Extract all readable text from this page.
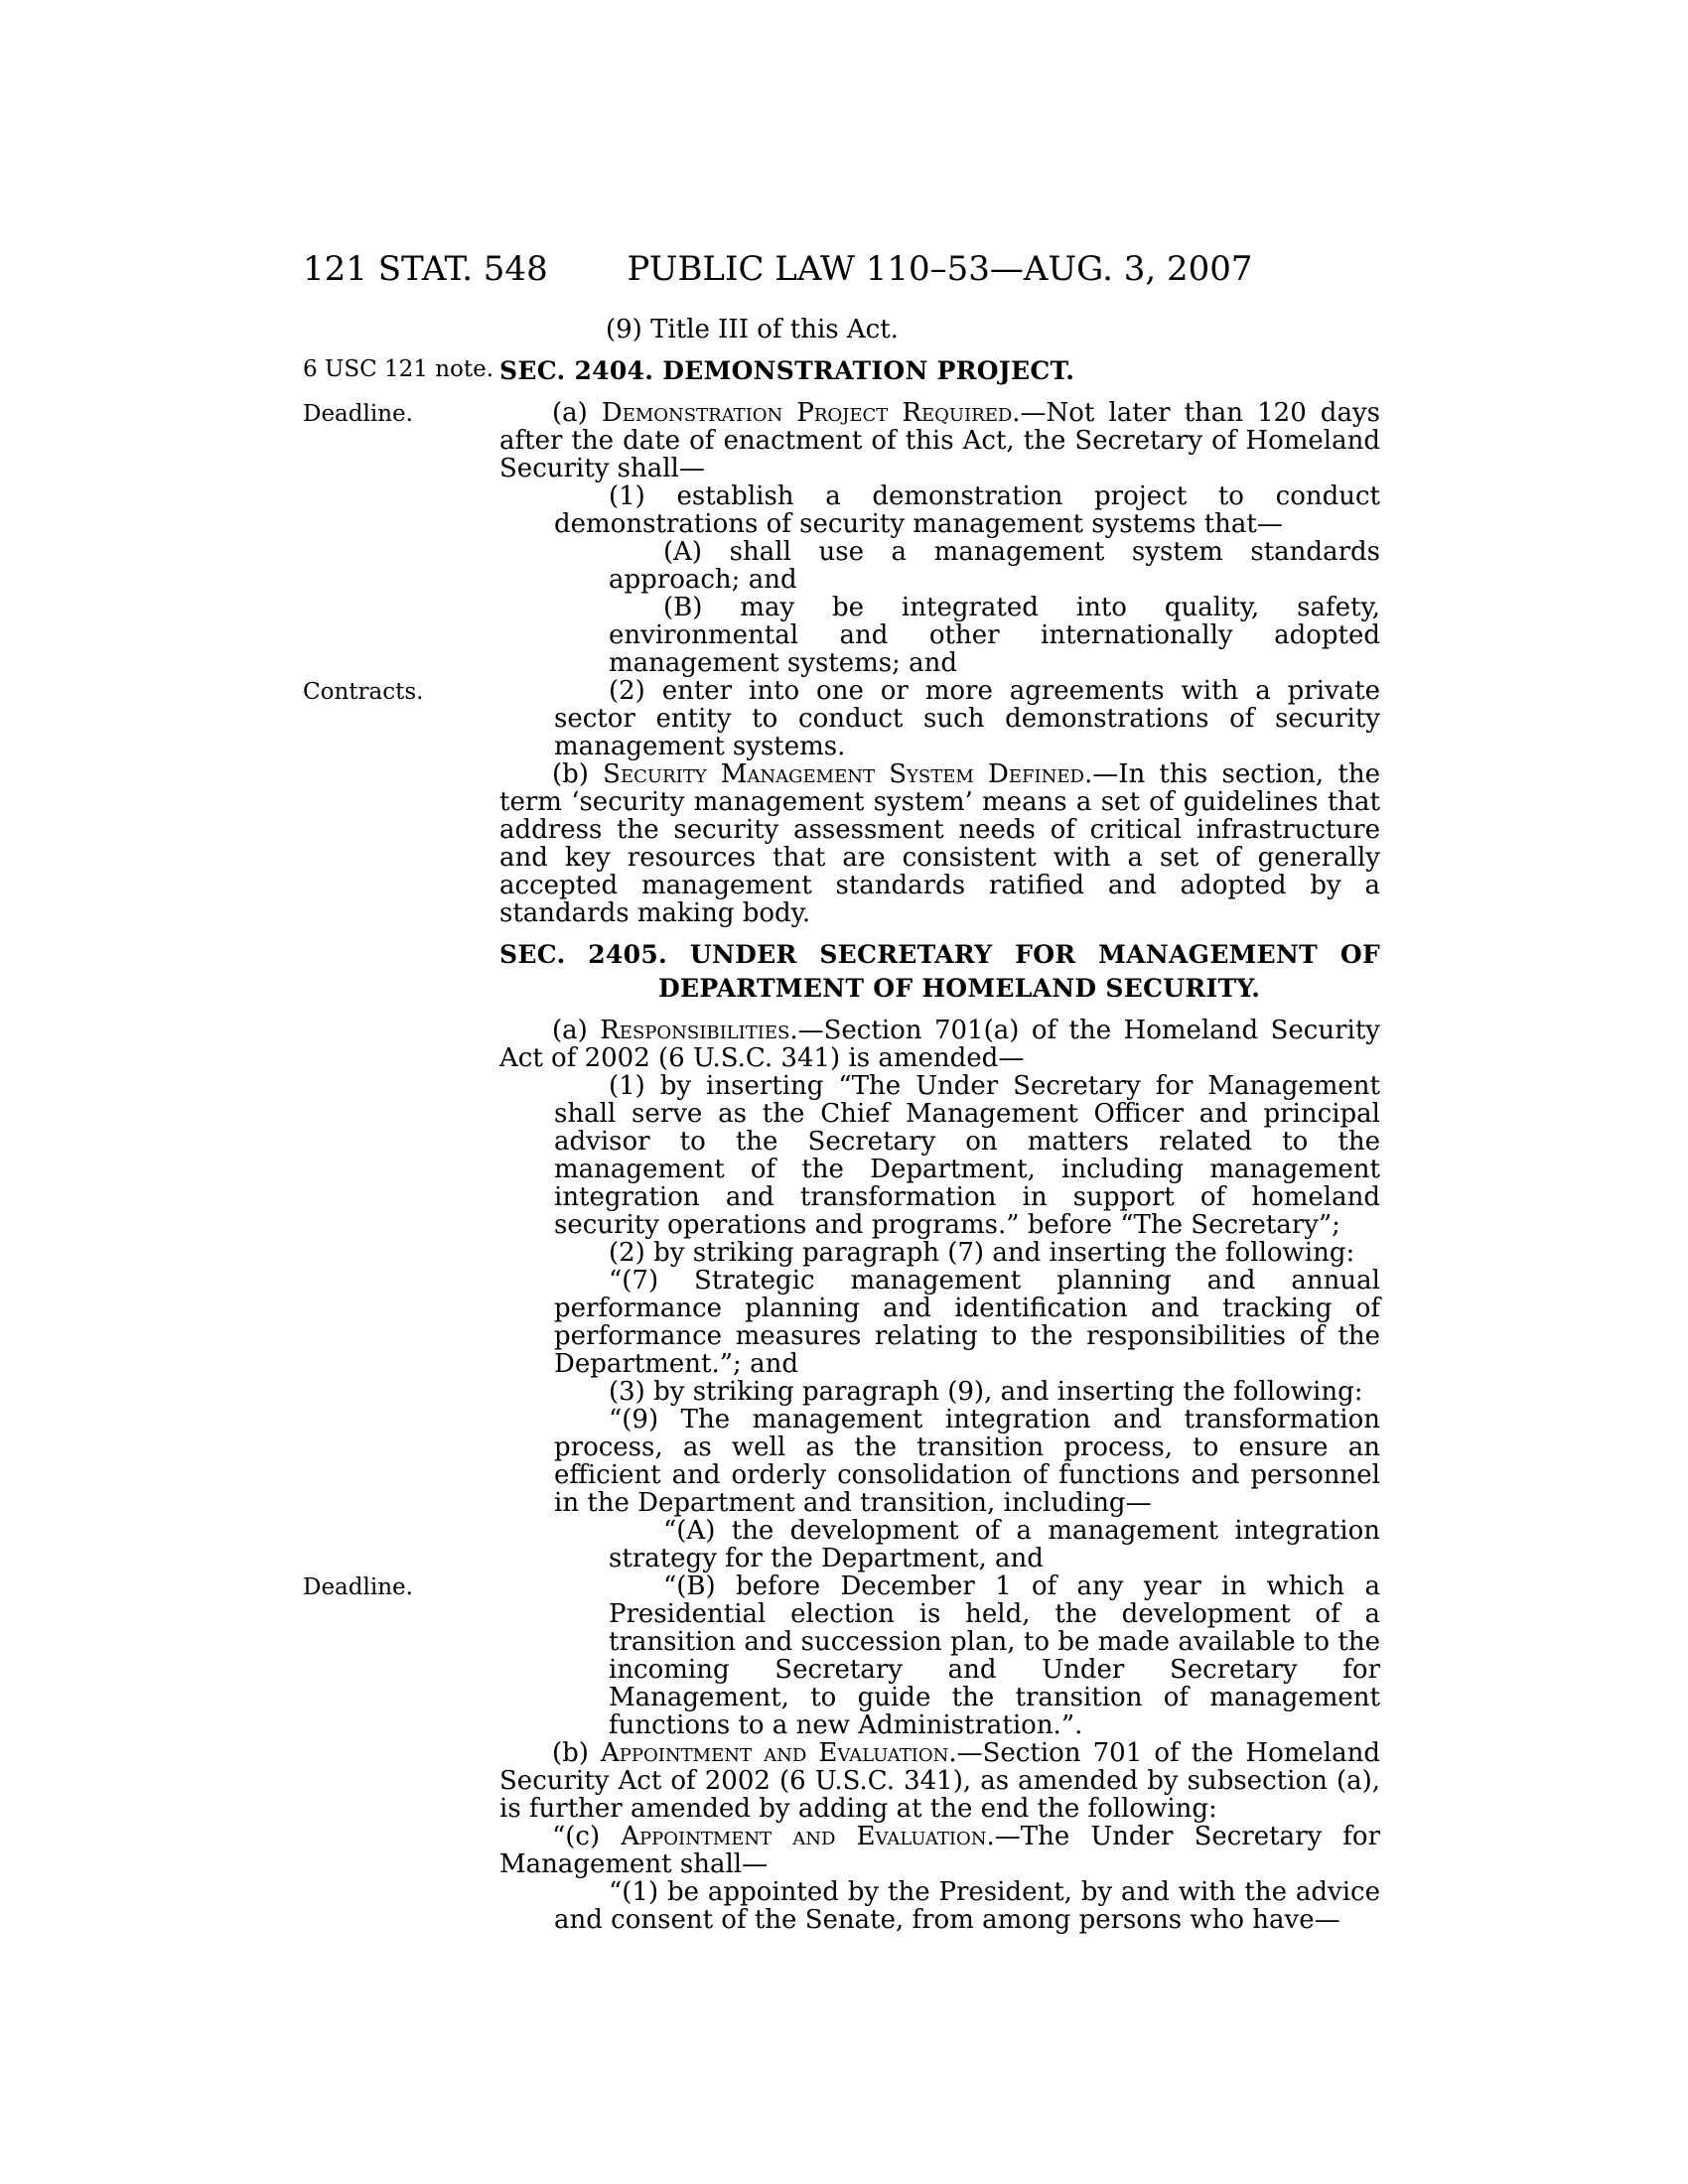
121 STAT. 548	PUBLIC LAW 110–53—AUG. 3, 2007

(9) Title III of this Act.

SEC. 2404. DEMONSTRATION PROJECT.
6 USC 121 note.

(a) Demonstration Project Required.—Not later than 120 days after the date of enactment of this Act, the Secretary of Homeland Security shall—
Deadline.

(1) establish a demonstration project to conduct demonstrations of security management systems that—

(A) shall use a management system standards approach; and

(B) may be integrated into quality, safety, environmental and other internationally adopted management systems; and

(2) enter into one or more agreements with a private sector entity to conduct such demonstrations of security management systems.
Contracts.

(b) Security Management System Defined.—In this section, the term ‘security management system’ means a set of guidelines that address the security assessment needs of critical infrastructure and key resources that are consistent with a set of generally accepted management standards ratified and adopted by a standards making body.

SEC. 2405. UNDER SECRETARY FOR MANAGEMENT OF DEPARTMENT OF HOMELAND SECURITY.

(a) Responsibilities.—Section 701(a) of the Homeland Security Act of 2002 (6 U.S.C. 341) is amended—

(1) by inserting “The Under Secretary for Management shall serve as the Chief Management Officer and principal advisor to the Secretary on matters related to the management of the Department, including management integration and transformation in support of homeland security operations and programs.” before “The Secretary”;

(2) by striking paragraph (7) and inserting the following:

“(7) Strategic management planning and annual performance planning and identification and tracking of performance measures relating to the responsibilities of the Department.”; and

(3) by striking paragraph (9), and inserting the following:

“(9) The management integration and transformation process, as well as the transition process, to ensure an efficient and orderly consolidation of functions and personnel in the Department and transition, including—

“(A) the development of a management integration strategy for the Department, and

“(B) before December 1 of any year in which a Presidential election is held, the development of a transition and succession plan, to be made available to the incoming Secretary and Under Secretary for Management, to guide the transition of management functions to a new Administration.”.
Deadline.

(b) Appointment and Evaluation.—Section 701 of the Homeland Security Act of 2002 (6 U.S.C. 341), as amended by subsection (a), is further amended by adding at the end the following:

“(c) Appointment and Evaluation.—The Under Secretary for Management shall—

“(1) be appointed by the President, by and with the advice and consent of the Senate, from among persons who have—
